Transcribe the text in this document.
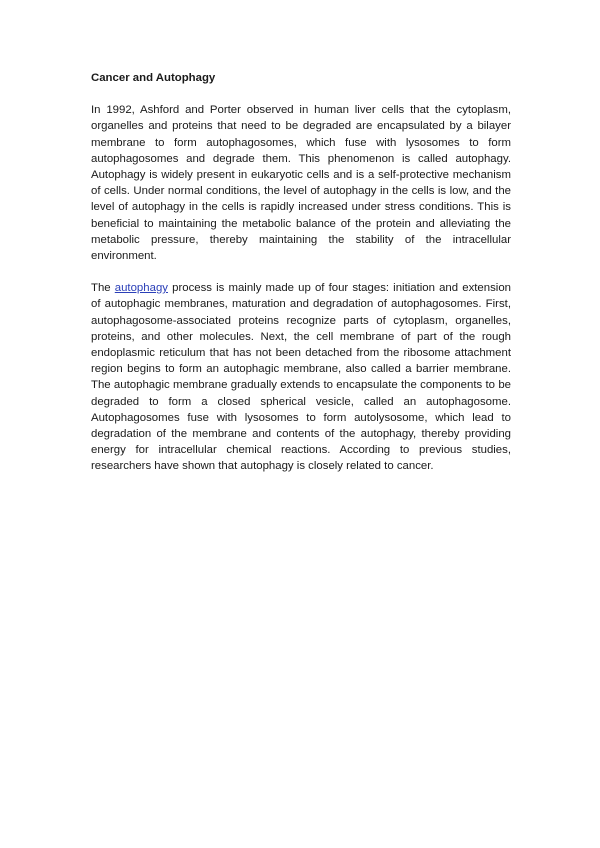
Cancer and Autophagy

In 1992, Ashford and Porter observed in human liver cells that the cytoplasm, organelles and proteins that need to be degraded are encapsulated by a bilayer membrane to form autophagosomes, which fuse with lysosomes to form autophagosomes and degrade them. This phenomenon is called autophagy. Autophagy is widely present in eukaryotic cells and is a self-protective mechanism of cells. Under normal conditions, the level of autophagy in the cells is low, and the level of autophagy in the cells is rapidly increased under stress conditions. This is beneficial to maintaining the metabolic balance of the protein and alleviating the metabolic pressure, thereby maintaining the stability of the intracellular environment.

The autophagy process is mainly made up of four stages: initiation and extension of autophagic membranes, maturation and degradation of autophagosomes. First, autophagosome-associated proteins recognize parts of cytoplasm, organelles, proteins, and other molecules. Next, the cell membrane of part of the rough endoplasmic reticulum that has not been detached from the ribosome attachment region begins to form an autophagic membrane, also called a barrier membrane. The autophagic membrane gradually extends to encapsulate the components to be degraded to form a closed spherical vesicle, called an autophagosome. Autophagosomes fuse with lysosomes to form autolysosome, which lead to degradation of the membrane and contents of the autophagy, thereby providing energy for intracellular chemical reactions. According to previous studies, researchers have shown that autophagy is closely related to cancer.
